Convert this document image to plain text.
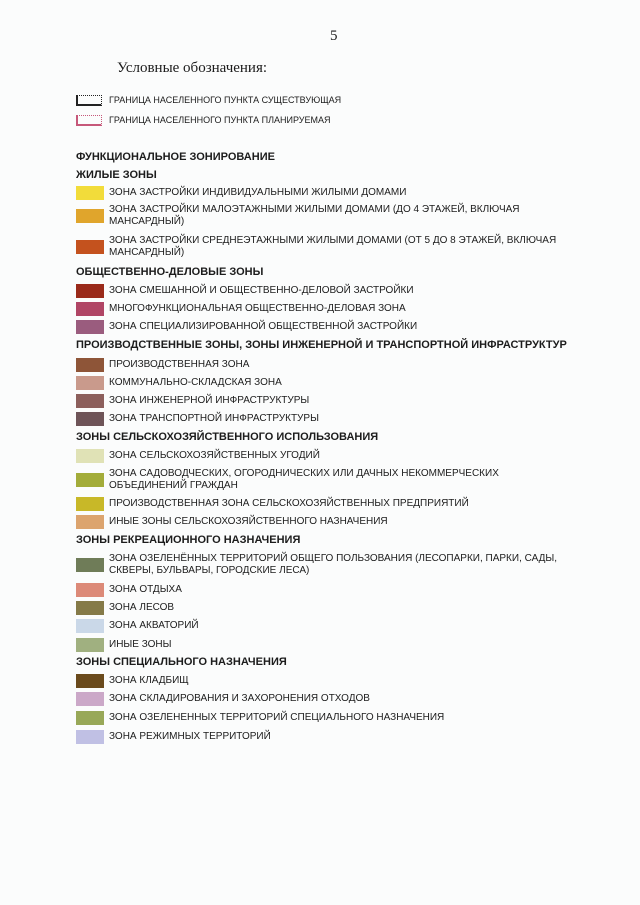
5
Условные обозначения:
ГРАНИЦА НАСЕЛЕННОГО ПУНКТА СУЩЕСТВУЮЩАЯ
ГРАНИЦА НАСЕЛЕННОГО ПУНКТА ПЛАНИРУЕМАЯ
ФУНКЦИОНАЛЬНОЕ ЗОНИРОВАНИЕ
ЖИЛЫЕ ЗОНЫ
ЗОНА ЗАСТРОЙКИ ИНДИВИДУАЛЬНЫМИ ЖИЛЫМИ ДОМАМИ
ЗОНА ЗАСТРОЙКИ МАЛОЭТАЖНЫМИ ЖИЛЫМИ ДОМАМИ (ДО 4 ЭТАЖЕЙ, ВКЛЮЧАЯ МАНСАРДНЫЙ)
ЗОНА ЗАСТРОЙКИ СРЕДНЕЭТАЖНЫМИ ЖИЛЫМИ ДОМАМИ (ОТ 5 ДО 8 ЭТАЖЕЙ, ВКЛЮЧАЯ МАНСАРДНЫЙ)
ОБЩЕСТВЕННО-ДЕЛОВЫЕ ЗОНЫ
ЗОНА СМЕШАННОЙ И ОБЩЕСТВЕННО-ДЕЛОВОЙ ЗАСТРОЙКИ
МНОГОФУНКЦИОНАЛЬНАЯ ОБЩЕСТВЕННО-ДЕЛОВАЯ ЗОНА
ЗОНА СПЕЦИАЛИЗИРОВАННОЙ ОБЩЕСТВЕННОЙ ЗАСТРОЙКИ
ПРОИЗВОДСТВЕННЫЕ ЗОНЫ, ЗОНЫ ИНЖЕНЕРНОЙ И ТРАНСПОРТНОЙ ИНФРАСТРУКТУР
ПРОИЗВОДСТВЕННАЯ ЗОНА
КОММУНАЛЬНО-СКЛАДСКАЯ ЗОНА
ЗОНА ИНЖЕНЕРНОЙ ИНФРАСТРУКТУРЫ
ЗОНА ТРАНСПОРТНОЙ ИНФРАСТРУКТУРЫ
ЗОНЫ СЕЛЬСКОХОЗЯЙСТВЕННОГО ИСПОЛЬЗОВАНИЯ
ЗОНА СЕЛЬСКОХОЗЯЙСТВЕННЫХ УГОДИЙ
ЗОНА САДОВОДЧЕСКИХ, ОГОРОДНИЧЕСКИХ ИЛИ ДАЧНЫХ НЕКОММЕРЧЕСКИХ ОБЪЕДИНЕНИЙ ГРАЖДАН
ПРОИЗВОДСТВЕННАЯ ЗОНА СЕЛЬСКОХОЗЯЙСТВЕННЫХ ПРЕДПРИЯТИЙ
ИНЫЕ ЗОНЫ СЕЛЬСКОХОЗЯЙСТВЕННОГО НАЗНАЧЕНИЯ
ЗОНЫ РЕКРЕАЦИОННОГО НАЗНАЧЕНИЯ
ЗОНА ОЗЕЛЕНЁННЫХ ТЕРРИТОРИЙ ОБЩЕГО ПОЛЬЗОВАНИЯ (ЛЕСОПАРКИ, ПАРКИ, САДЫ, СКВЕРЫ, БУЛЬВАРЫ, ГОРОДСКИЕ ЛЕСА)
ЗОНА ОТДЫХА
ЗОНА ЛЕСОВ
ЗОНА АКВАТОРИЙ
ИНЫЕ ЗОНЫ
ЗОНЫ СПЕЦИАЛЬНОГО НАЗНАЧЕНИЯ
ЗОНА КЛАДБИЩ
ЗОНА СКЛАДИРОВАНИЯ И ЗАХОРОНЕНИЯ ОТХОДОВ
ЗОНА ОЗЕЛЕНЕННЫХ ТЕРРИТОРИЙ СПЕЦИАЛЬНОГО НАЗНАЧЕНИЯ
ЗОНА РЕЖИМНЫХ ТЕРРИТОРИЙ
